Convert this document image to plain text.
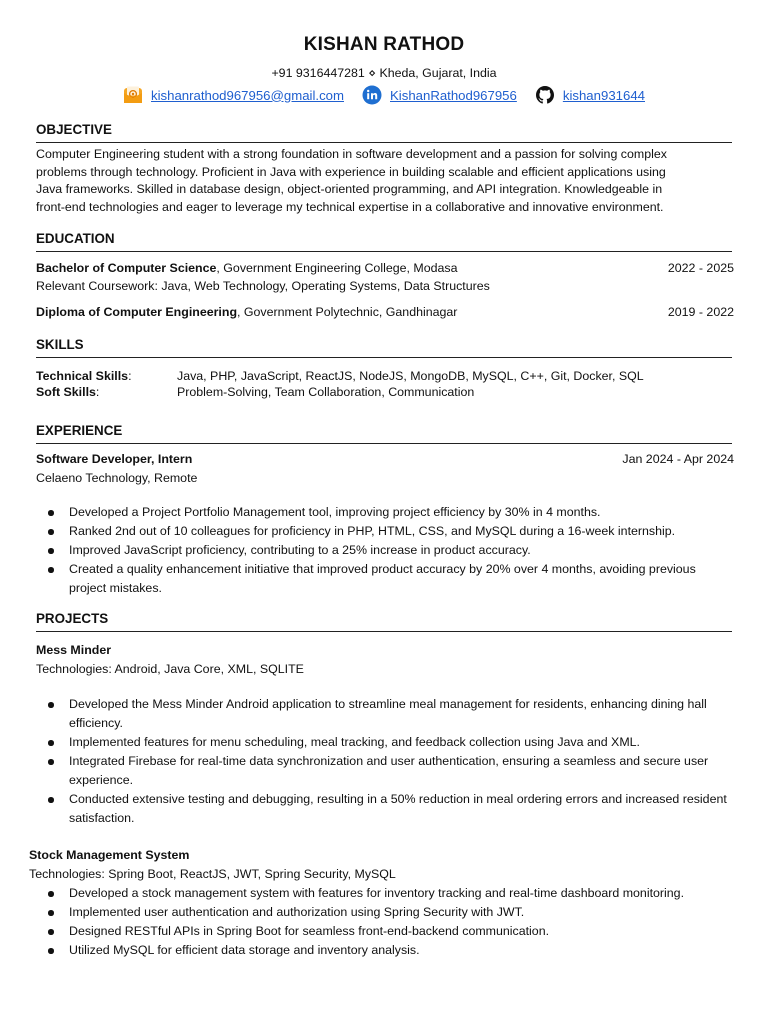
KISHAN RATHOD
+91 9316447281 ⋄ Kheda, Gujarat, India
kishanrathod967956@gmail.com	KishanRathod967956	kishan931644
OBJECTIVE
Computer Engineering student with a strong foundation in software development and a passion for solving complex
problems through technology. Proficient in Java with experience in building scalable and efficient applications using
Java frameworks. Skilled in database design, object-oriented programming, and API integration. Knowledgeable in
front-end technologies and eager to leverage my technical expertise in a collaborative and innovative environment.
EDUCATION
Bachelor of Computer Science, Government Engineering College, Modasa	2022 - 2025
Relevant Coursework: Java, Web Technology, Operating Systems, Data Structures
Diploma of Computer Engineering, Government Polytechnic, Gandhinagar	2019 - 2022
SKILLS
Technical Skills:	Java, PHP, JavaScript, ReactJS, NodeJS, MongoDB, MySQL, C++, Git, Docker, SQL
Soft Skills:	Problem-Solving, Team Collaboration, Communication
EXPERIENCE
Software Developer, Intern	Jan 2024 - Apr 2024
Celaeno Technology, Remote
Developed a Project Portfolio Management tool, improving project efficiency by 30% in 4 months.
Ranked 2nd out of 10 colleagues for proficiency in PHP, HTML, CSS, and MySQL during a 16-week internship.
Improved JavaScript proficiency, contributing to a 25% increase in product accuracy.
Created a quality enhancement initiative that improved product accuracy by 20% over 4 months, avoiding previous project mistakes.
PROJECTS
Mess Minder
Technologies: Android, Java Core, XML, SQLITE
Developed the Mess Minder Android application to streamline meal management for residents, enhancing dining hall efficiency.
Implemented features for menu scheduling, meal tracking, and feedback collection using Java and XML.
Integrated Firebase for real-time data synchronization and user authentication, ensuring a seamless and secure user experience.
Conducted extensive testing and debugging, resulting in a 50% reduction in meal ordering errors and increased resident satisfaction.
Stock Management System
Technologies: Spring Boot, ReactJS, JWT, Spring Security, MySQL
Developed a stock management system with features for inventory tracking and real-time dashboard monitoring.
Implemented user authentication and authorization using Spring Security with JWT.
Designed RESTful APIs in Spring Boot for seamless front-end-backend communication.
Utilized MySQL for efficient data storage and inventory analysis.
